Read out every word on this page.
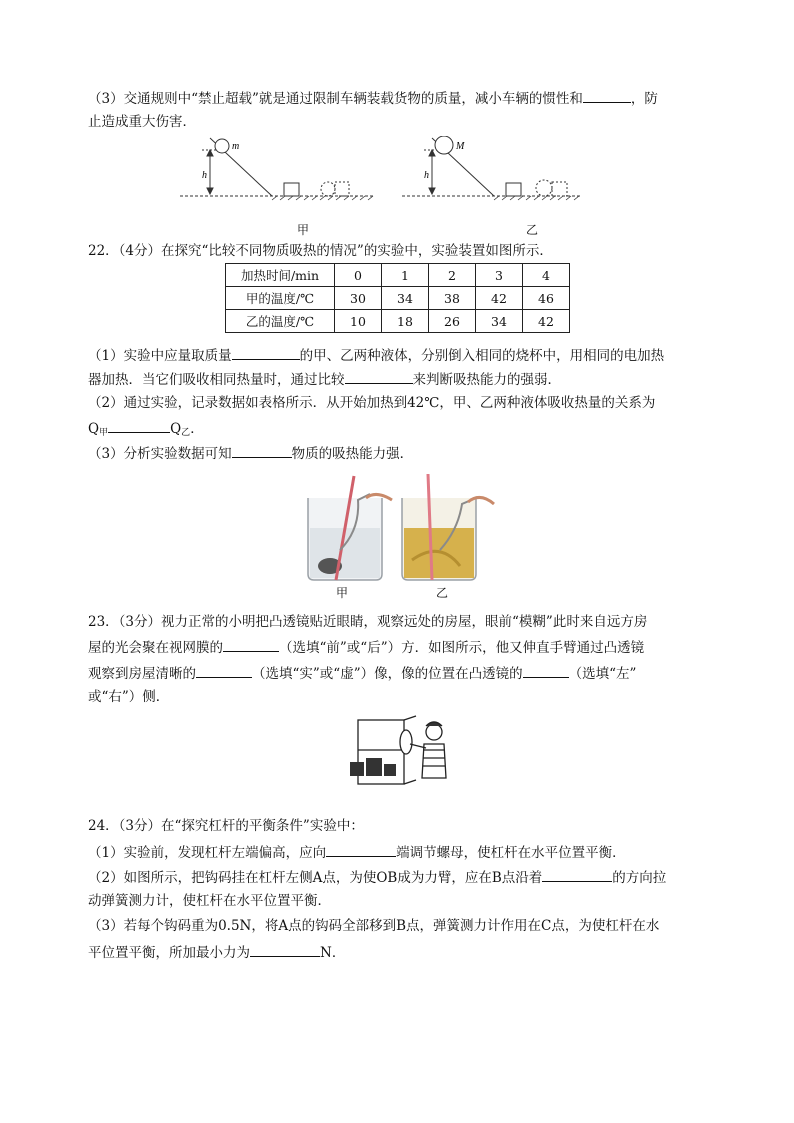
（3）交通规则中“禁止超载”就是通过限制车辆装载货物的质量，减小车辆的惯性和	，防
止造成重大伤害．
m
h
M
h
甲	乙
22．（4分）在探究“比较不同物质吸热的情况”的实验中，实验装置如图所示．
加热时间/min	0	1	2	3	4
甲的温度/℃	30	34	38	42	46
乙的温度/℃	10	18	26	34	42
（1）实验中应量取质量	的甲、乙两种液体，分别倒入相同的烧杯中，用相同的电加热
器加热．当它们吸收相同热量时，通过比较	来判断吸热能力的强弱．
（2）通过实验，记录数据如表格所示．从开始加热到42℃，甲、乙两种液体吸收热量的关系为
$Q_甲$	$Q_乙$．
（3）分析实验数据可知	物质的吸热能力强．
甲	乙
23．（3分）视力正常的小明把凸透镜贴近眼睛，观察远处的房屋，眼前“模糊”此时来自远方房
屋的光会聚在视网膜的	（选填“前”或“后”）方．如图所示，他又伸直手臂通过凸透镜
观察到房屋清晰的	（选填“实”或“虚”）像，像的位置在凸透镜的	（选填“左”
或“右”）侧．
24．（3分）在“探究杠杆的平衡条件”实验中：
（1）实验前，发现杠杆左端偏高，应向	端调节螺母，使杠杆在水平位置平衡．
（2）如图所示，把钩码挂在杠杆左侧A点，为使OB成为力臂，应在B点沿着	的方向拉
动弹簧测力计，使杠杆在水平位置平衡．
（3）若每个钩码重为0.5N，将A点的钩码全部移到B点，弹簧测力计作用在C点，为使杠杆在水
平位置平衡，所加最小力为	N．
